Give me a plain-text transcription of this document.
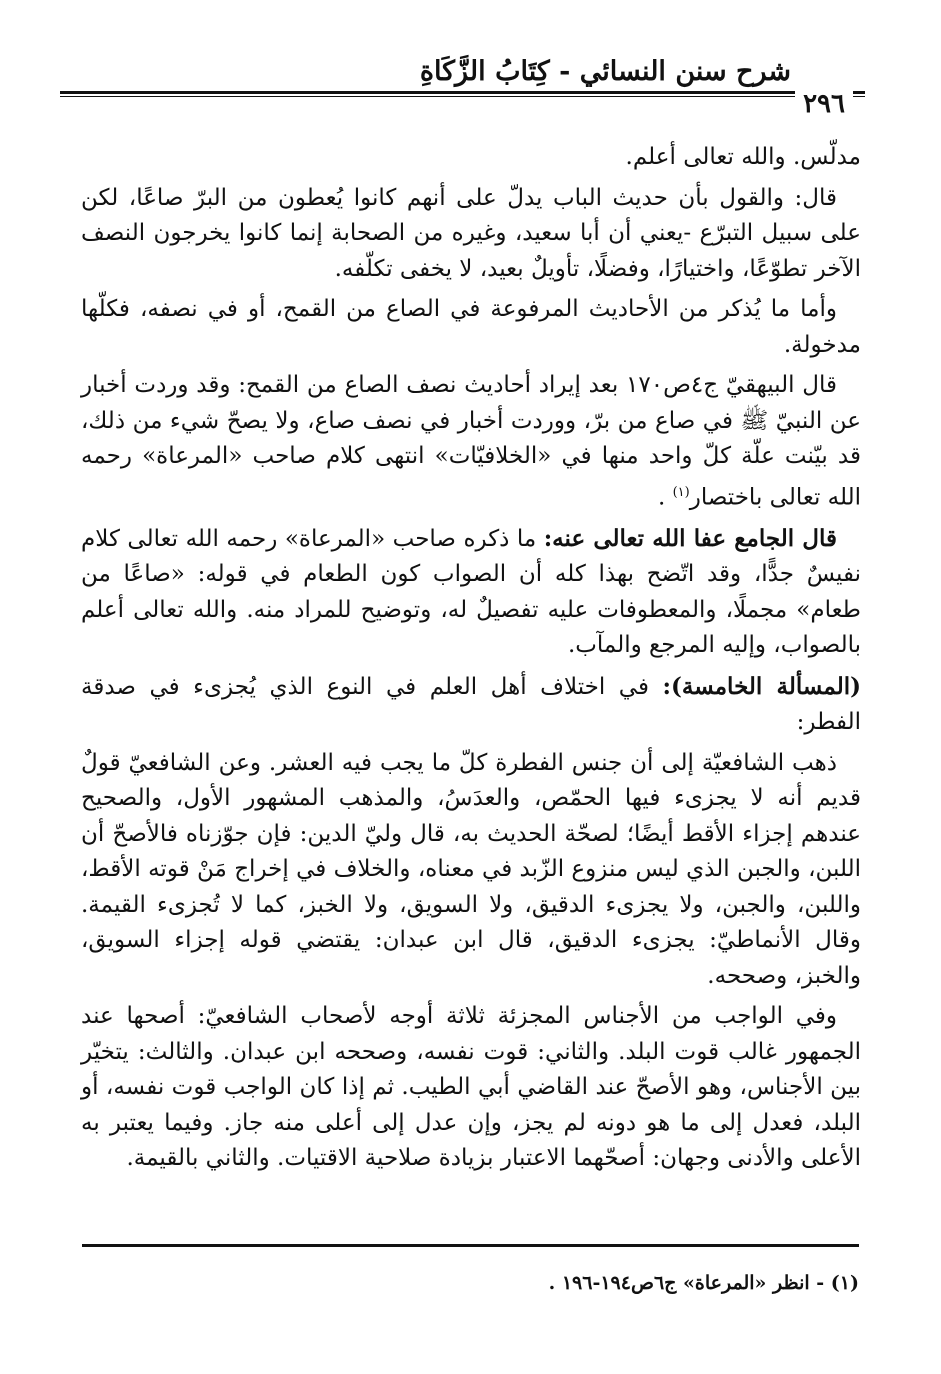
شرح سنن النسائي - كِتَابُ الزَّكَاةِ
٢٩٦

مدلّس. والله تعالى أعلم.

قال: والقول بأن حديث الباب يدلّ على أنهم كانوا يُعطون من البرّ صاعًا، لكن على سبيل التبرّع -يعني أن أبا سعيد، وغيره من الصحابة إنما كانوا يخرجون النصف الآخر تطوّعًا، واختيارًا، وفضلًا، تأويلٌ بعيد، لا يخفى تكلّفه.

وأما ما يُذكر من الأحاديث المرفوعة في الصاع من القمح، أو في نصفه، فكلّها مدخولة.

قال البيهقيّ ج٤ص١٧٠ بعد إيراد أحاديث نصف الصاع من القمح: وقد وردت أخبار عن النبيّ ﷺ في صاع من برّ، ووردت أخبار في نصف صاع، ولا يصحّ شيء من ذلك، قد بيّنت علّة كلّ واحد منها في «الخلافيّات» انتهى كلام صاحب «المرعاة» رحمه الله تعالى باختصار$^{(١)}$ .

قال الجامع عفا الله تعالى عنه: ما ذكره صاحب «المرعاة» رحمه الله تعالى كلام نفيسٌ جدًّا، وقد اتّضح بهذا كله أن الصواب كون الطعام في قوله: «صاعًا من طعام» مجملًا، والمعطوفات عليه تفصيلٌ له، وتوضيح للمراد منه. والله تعالى أعلم بالصواب، وإليه المرجع والمآب.

(المسألة الخامسة): في اختلاف أهل العلم في النوع الذي يُجزىء في صدقة الفطر:

ذهب الشافعيّة إلى أن جنس الفطرة كلّ ما يجب فيه العشر. وعن الشافعيّ قولٌ قديم أنه لا يجزىء فيها الحمّص، والعدَسُ، والمذهب المشهور الأول، والصحيح عندهم إجزاء الأقط أيضًا؛ لصحّة الحديث به، قال وليّ الدين: فإن جوّزناه فالأصحّ أن اللبن، والجبن الذي ليس منزوع الزّبد في معناه، والخلاف في إخراج مَنْ قوته الأقط، واللبن، والجبن، ولا يجزىء الدقيق، ولا السويق، ولا الخبز، كما لا تُجزىء القيمة. وقال الأنماطيّ: يجزىء الدقيق، قال ابن عبدان: يقتضي قوله إجزاء السويق، والخبز، وصححه.

وفي الواجب من الأجناس المجزئة ثلاثة أوجه لأصحاب الشافعيّ: أصحها عند الجمهور غالب قوت البلد. والثاني: قوت نفسه، وصححه ابن عبدان. والثالث: يتخيّر بين الأجناس، وهو الأصحّ عند القاضي أبي الطيب. ثم إذا كان الواجب قوت نفسه، أو البلد، فعدل إلى ما هو دونه لم يجز، وإن عدل إلى أعلى منه جاز. وفيما يعتبر به الأعلى والأدنى وجهان: أصحّهما الاعتبار بزيادة صلاحية الاقتيات. والثاني بالقيمة.

(١) - انظر «المرعاة» ج٦ص١٩٤-١٩٦ .
